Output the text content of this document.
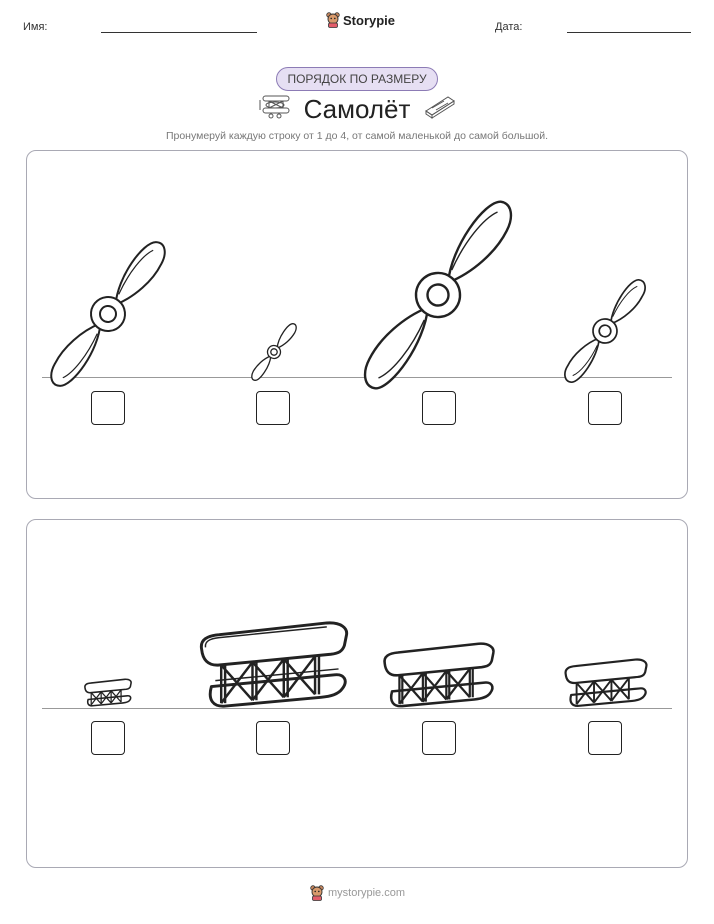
Имя:	Storypie	Дата:
ПОРЯДОК ПО РАЗМЕРУ
Самолёт
Пронумеруй каждую строку от 1 до 4, от самой маленькой до самой большой.
mystorypie.com
